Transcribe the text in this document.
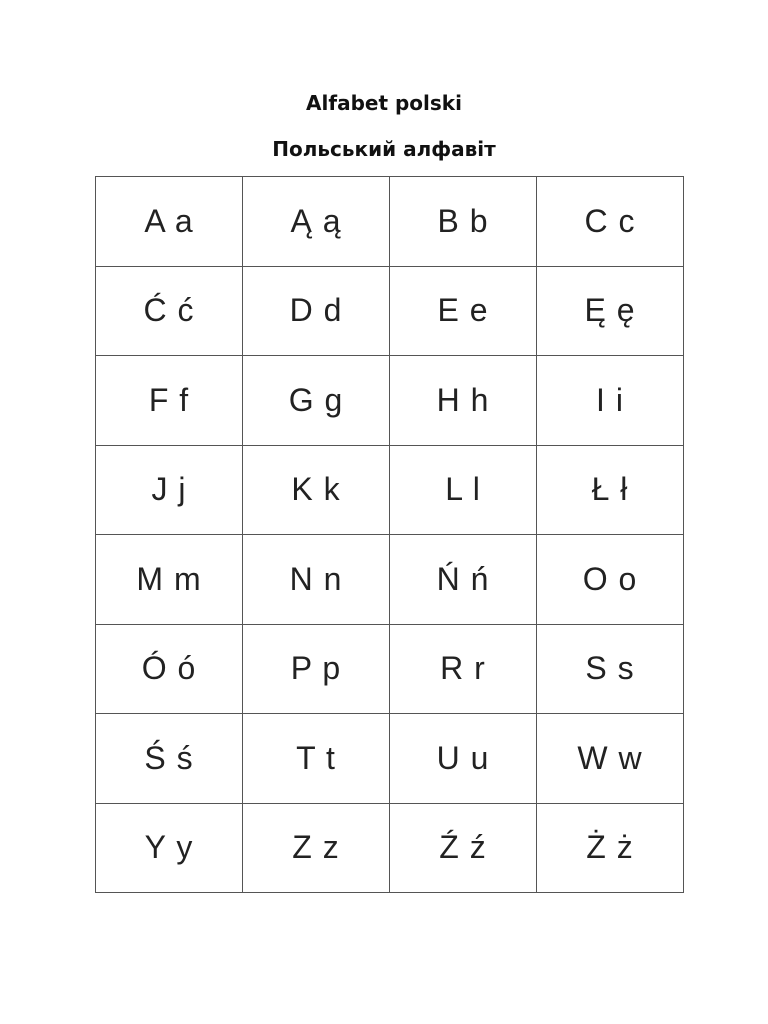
Alfabet polski
Польський алфавіт
A a	Ą ą	B b	C c
Ć ć	D d	E e	Ę ę
F f	G g	H h	I i
J j	K k	L l	Ł ł
M m	N n	Ń ń	O o
Ó ó	P p	R r	S s
Ś ś	T t	U u	W w
Y y	Z z	Ź ź	Ż ż
